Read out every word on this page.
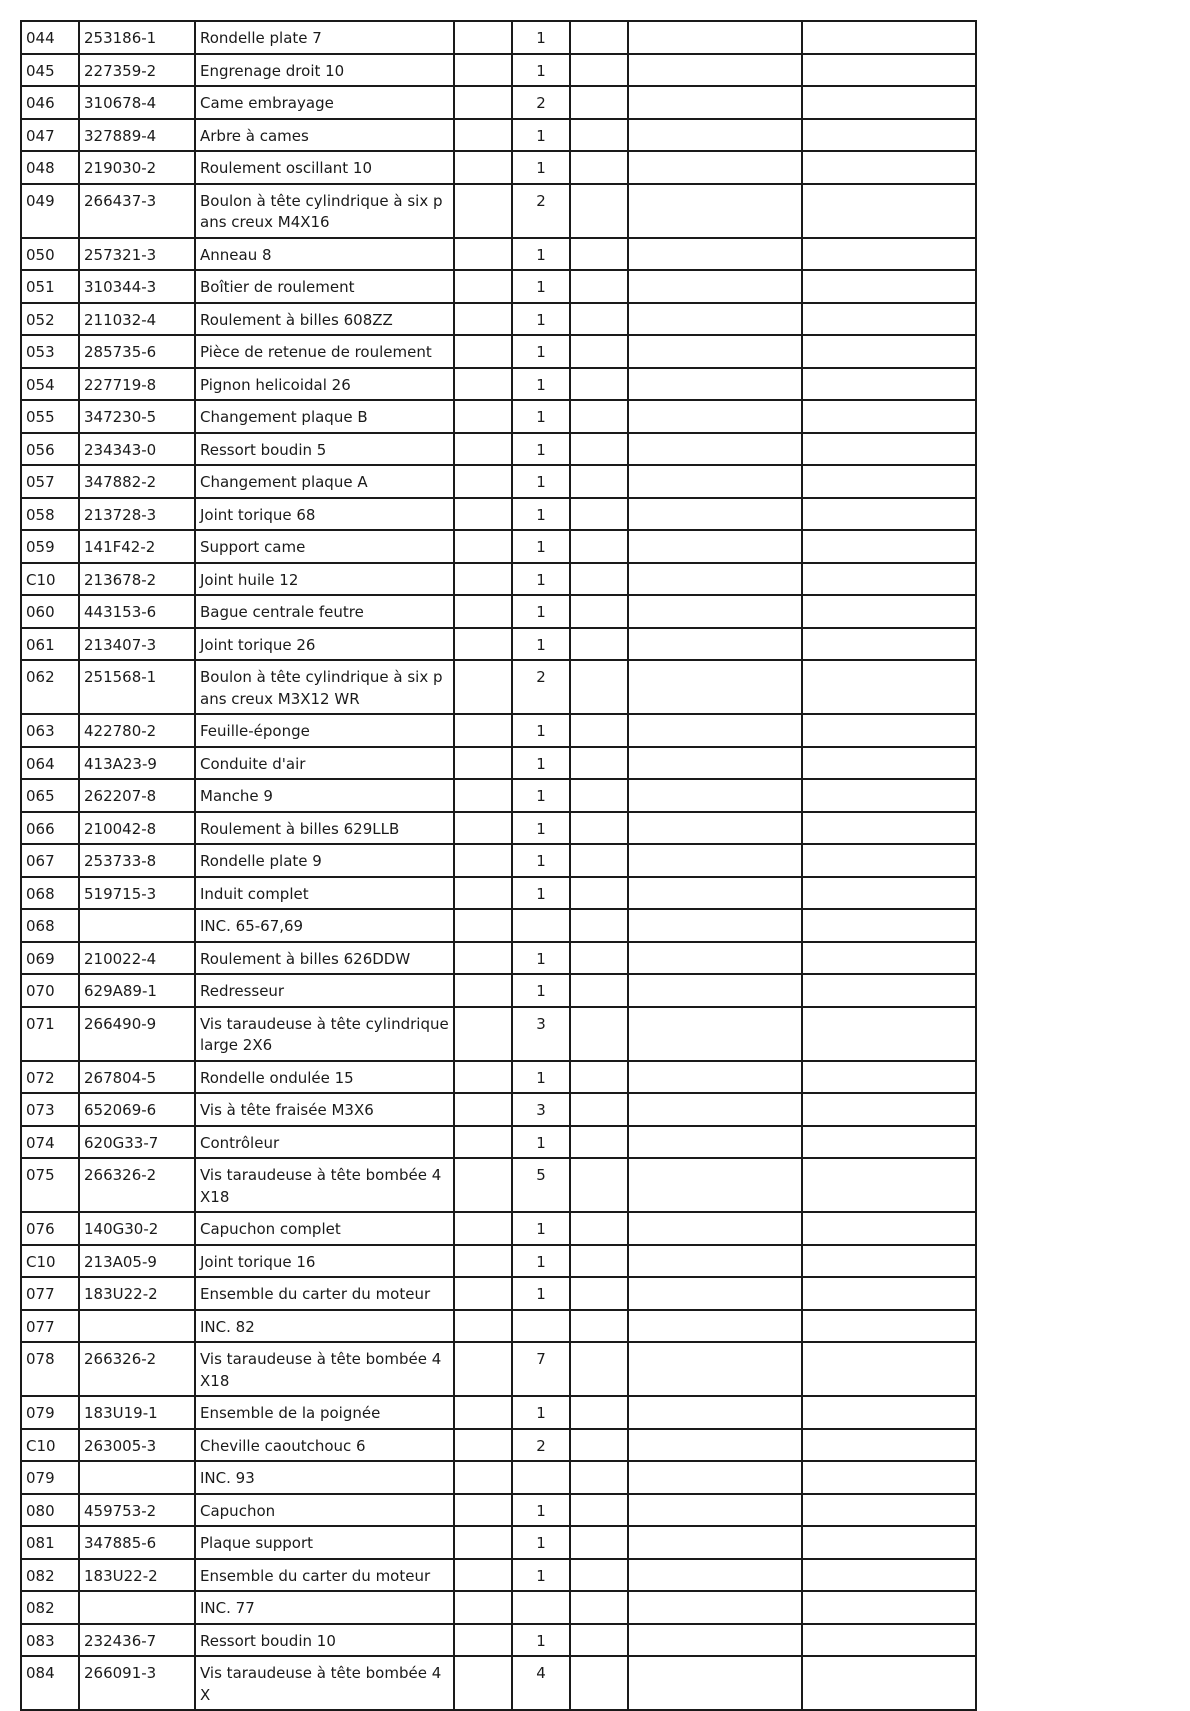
044	253186-1	Rondelle plate 7		1			
045	227359-2	Engrenage droit 10		1			
046	310678-4	Came embrayage		2			
047	327889-4	Arbre à cames		1			
048	219030-2	Roulement oscillant 10		1			
049	266437-3	Boulon à tête cylindrique à six pans creux M4X16		2			
050	257321-3	Anneau 8		1			
051	310344-3	Boîtier de roulement		1			
052	211032-4	Roulement à billes 608ZZ		1			
053	285735-6	Pièce de retenue de roulement		1			
054	227719-8	Pignon helicoidal 26		1			
055	347230-5	Changement plaque B		1			
056	234343-0	Ressort boudin 5		1			
057	347882-2	Changement plaque A		1			
058	213728-3	Joint torique 68		1			
059	141F42-2	Support came		1			
C10	213678-2	Joint huile 12		1			
060	443153-6	Bague centrale feutre		1			
061	213407-3	Joint torique 26		1			
062	251568-1	Boulon à tête cylindrique à six pans creux M3X12 WR		2			
063	422780-2	Feuille-éponge		1			
064	413A23-9	Conduite d'air		1			
065	262207-8	Manche 9		1			
066	210042-8	Roulement à billes 629LLB		1			
067	253733-8	Rondelle plate 9		1			
068	519715-3	Induit complet		1			
068		INC. 65-67,69					
069	210022-4	Roulement à billes 626DDW		1			
070	629A89-1	Redresseur		1			
071	266490-9	Vis taraudeuse à tête cylindrique large 2X6		3			
072	267804-5	Rondelle ondulée 15		1			
073	652069-6	Vis à tête fraisée M3X6		3			
074	620G33-7	Contrôleur		1			
075	266326-2	Vis taraudeuse à tête bombée 4X18		5			
076	140G30-2	Capuchon complet		1			
C10	213A05-9	Joint torique 16		1			
077	183U22-2	Ensemble du carter du moteur		1			
077		INC. 82					
078	266326-2	Vis taraudeuse à tête bombée 4X18		7			
079	183U19-1	Ensemble de la poignée		1			
C10	263005-3	Cheville caoutchouc 6		2			
079		INC. 93					
080	459753-2	Capuchon		1			
081	347885-6	Plaque support		1			
082	183U22-2	Ensemble du carter du moteur		1			
082		INC. 77					
083	232436-7	Ressort boudin 10		1			
084	266091-3	Vis taraudeuse à tête bombée 4X		4			
